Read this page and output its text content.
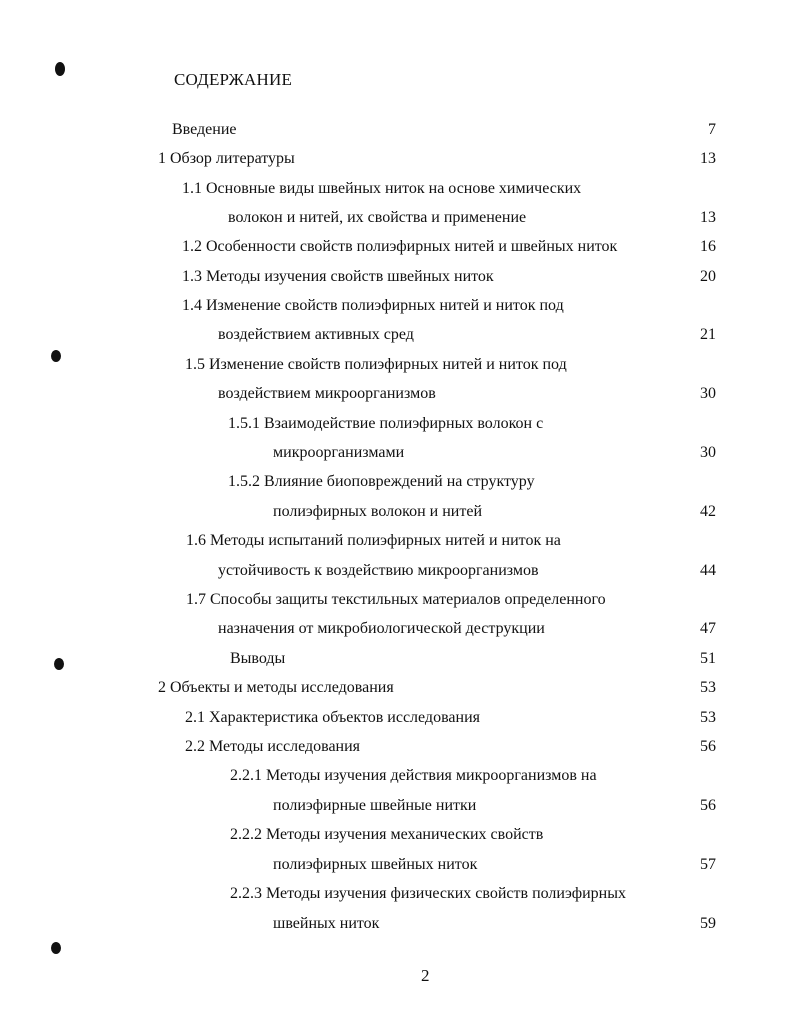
СОДЕРЖАНИЕ
Введение	7
1 Обзор литературы	13
1.1 Основные виды швейных ниток на основе химических
волокон и нитей, их свойства и применение	13
1.2 Особенности свойств полиэфирных нитей и швейных ниток	16
1.3 Методы изучения свойств швейных ниток	20
1.4 Изменение свойств полиэфирных нитей и ниток под
воздействием активных сред	21
1.5 Изменение свойств полиэфирных нитей и ниток под
воздействием микроорганизмов	30
1.5.1 Взаимодействие полиэфирных волокон с
микроорганизмами	30
1.5.2 Влияние биоповреждений на структуру
полиэфирных волокон и нитей	42
1.6 Методы испытаний полиэфирных нитей и ниток на
устойчивость к воздействию микроорганизмов	44
1.7 Способы защиты текстильных материалов определенного
назначения от микробиологической деструкции	47
Выводы	51
2 Объекты и методы исследования	53
2.1 Характеристика объектов исследования	53
2.2 Методы исследования	56
2.2.1 Методы изучения действия микроорганизмов на
полиэфирные швейные нитки	56
2.2.2 Методы изучения механических свойств
полиэфирных швейных ниток	57
2.2.3 Методы изучения физических свойств полиэфирных
швейных ниток	59
2
